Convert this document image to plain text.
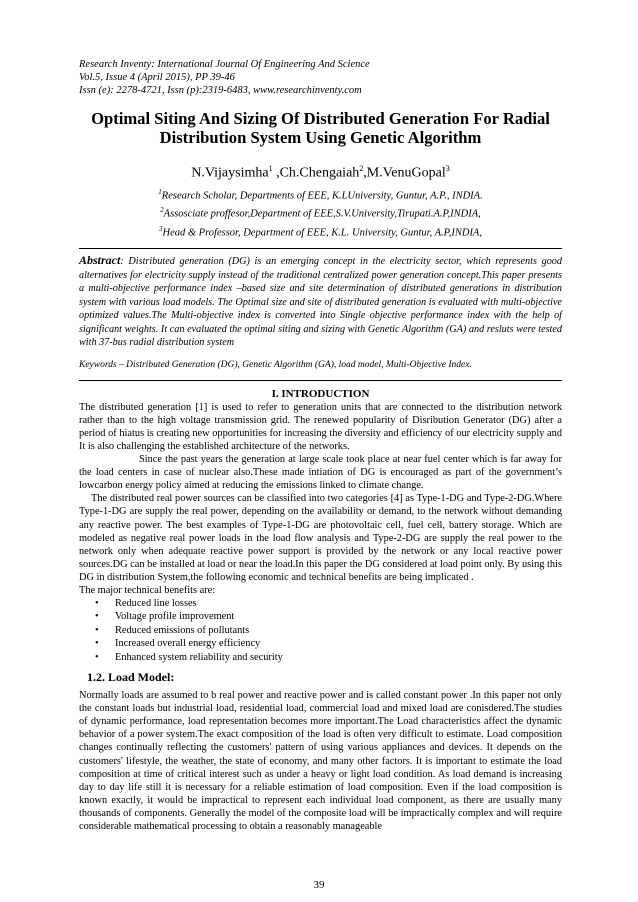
Research Inventy: International Journal Of Engineering And Science
Vol.5, Issue 4 (April 2015), PP 39-46
Issn (e): 2278-4721, Issn (p):2319-6483, www.researchinventy.com
Optimal Siting And Sizing Of Distributed Generation For Radial Distribution System Using Genetic Algorithm
N.Vijaysimha$^1$ ,Ch.Chengaiah$^2$,M.VenuGopal$^3$
$^1$Research Scholar, Departments of EEE, K.LUniversity, Guntur, A.P., INDIA.
$^2$Assosciate proffesor,Department of EEE,S.V.University,Tirupati.A.P,INDIA,
$^3$Head & Professor, Department of EEE, K.L. University, Guntur, A.P,INDIA,
Abstract: Distributed generation (DG) is an emerging concept in the electricity sector, which represents good alternatives for electricity supply instead of the traditional centralized power generation concept.This paper presents a multi-objective performance index –based size and site determination of distributed generations in distribution system with various load models. The Optimal size and site of distributed generation is evaluated with multi-objective optimized values.The Multi-objective index is converted into Single objective performance index with the help of significant weights. It can evaluated the optimal siting and sizing with Genetic Algorithm (GA) and resluts were tested with 37-bus radial distribution system
Keywords – Distributed Generation (DG), Genetic Algorithm (GA), load model, Multi-Objective Index.
I. INTRODUCTION

The distributed generation [1] is used to refer to generation units that are connected to the distribution network rather than to the high voltage transmission grid. The renewed popularity of Disribution Generator (DG) after a period of hiatus is creating new opportunities for increasing the diversity and efficiency of our electricity supply and It is also challenging the established architecture of the networks.

Since the past years the generation at large scale took place at near fuel center which is far away for the load centers in case of nuclear also.These made intiation of DG is encouraged as part of the government’s lowcarbon energy policy aimed at reducing the emissions linked to climate change.

The distributed real power sources can be classified into two categories [4] as Type-1-DG and Type-2-DG.Where Type-1-DG are supply the real power, depending on the availability or demand, to the network without demanding any reactive power. The best examples of Type-1-DG are photovoltaic cell, fuel cell, battery storage. Which are modeled as negative real power loads in the load flow analysis and Type-2-DG are supply the real power to the network only when adequate reactive power support is provided by the network or any local reactive power sources.DG can be installed at load or near the load.In this paper the DG considered at load point only. By using this DG in distribution System,the following economic and technical benefits are being implicated .

The major technical benefits are:

• Reduced line losses
• Voltage profile improvement
• Reduced emissions of pollutants
• Increased overall energy efficiency
• Enhanced system reliability and security
1.2. Load Model:

Normally loads are assumed to b real power and reactive power and is called constant power .In this paper not only the constant loads but industrial load, residential load, commercial load and mixed load are conisdered.The studies of dynamic performance, load representation becomes more important.The Load characteristics affect the dynamic behavior of a power system.The exact composition of the load is often very difficult to estimate. Load composition changes continually reflecting the customers' pattern of using various appliances and devices. It depends on the customers' lifestyle, the weather, the state of economy, and many other factors. It is important to estimate the load composition at time of critical interest such as under a heavy or light load condition. As load demand is increasing day to day life still it is necessary for a reliable estimation of load composition. Even if the load composition is known exactly, it would be impractical to represent each individual load component, as there are usually many thousands of components. Generally the model of the composite load will be impractically complex and will require considerable mathematical processing to obtain a reasonably manageable

39
